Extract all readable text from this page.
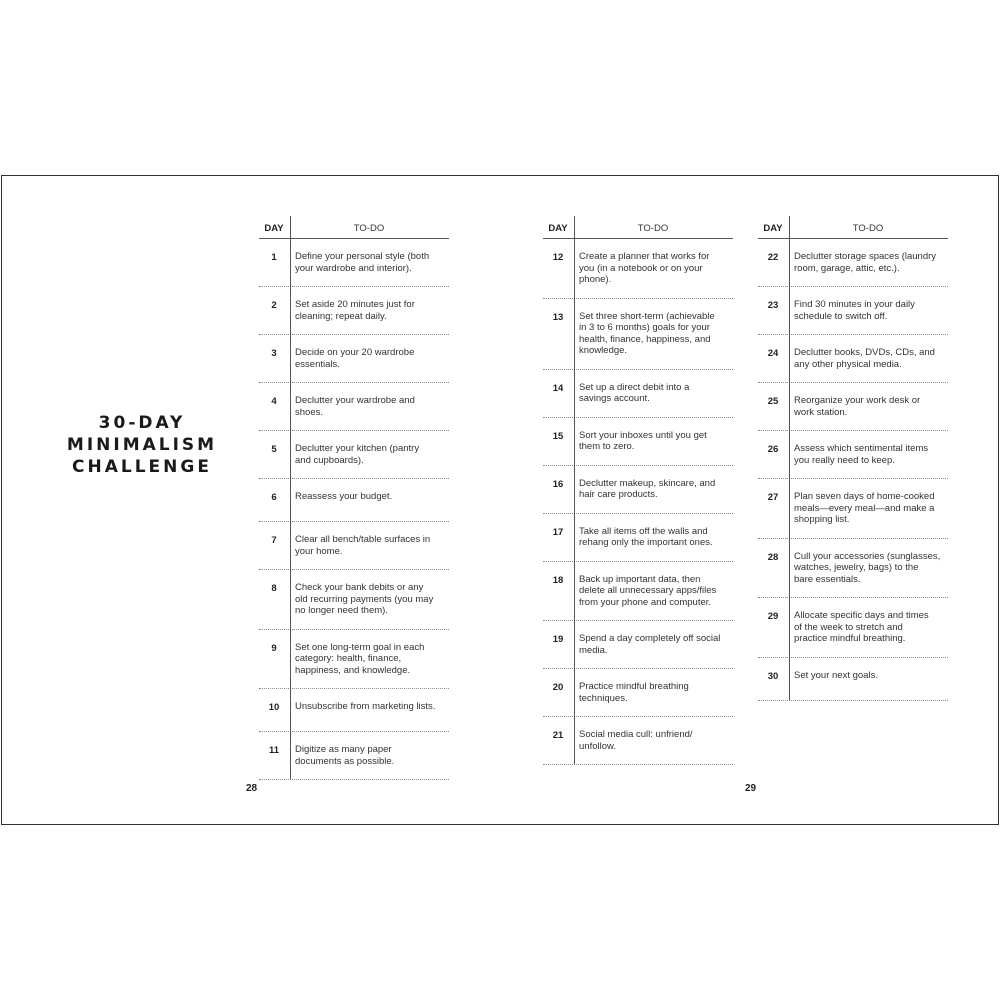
30-DAY
MINIMALISM
CHALLENGE
DAY	TO-DO
1	Define your personal style (both
your wardrobe and interior).
2	Set aside 20 minutes just for
cleaning; repeat daily.
3	Decide on your 20 wardrobe
essentials.
4	Declutter your wardrobe and
shoes.
5	Declutter your kitchen (pantry
and cupboards).
6	Reassess your budget.
7	Clear all bench/table surfaces in
your home.
8	Check your bank debits or any
old recurring payments (you may
no longer need them).
9	Set one long-term goal in each
category: health, finance,
happiness, and knowledge.
10	Unsubscribe from marketing lists.
11	Digitize as many paper
documents as possible.
DAY	TO-DO
12	Create a planner that works for
you (in a notebook or on your
phone).
13	Set three short-term (achievable
in 3 to 6 months) goals for your
health, finance, happiness, and
knowledge.
14	Set up a direct debit into a
savings account.
15	Sort your inboxes until you get
them to zero.
16	Declutter makeup, skincare, and
hair care products.
17	Take all items off the walls and
rehang only the important ones.
18	Back up important data, then
delete all unnecessary apps/files
from your phone and computer.
19	Spend a day completely off social
media.
20	Practice mindful breathing
techniques.
21	Social media cull: unfriend/
unfollow.
DAY	TO-DO
22	Declutter storage spaces (laundry
room, garage, attic, etc.).
23	Find 30 minutes in your daily
schedule to switch off.
24	Declutter books, DVDs, CDs, and
any other physical media.
25	Reorganize your work desk or
work station.
26	Assess which sentimental items
you really need to keep.
27	Plan seven days of home-cooked
meals—every meal—and make a
shopping list.
28	Cull your accessories (sunglasses,
watches, jewelry, bags) to the
bare essentials.
29	Allocate specific days and times
of the week to stretch and
practice mindful breathing.
30	Set your next goals.
28	29
